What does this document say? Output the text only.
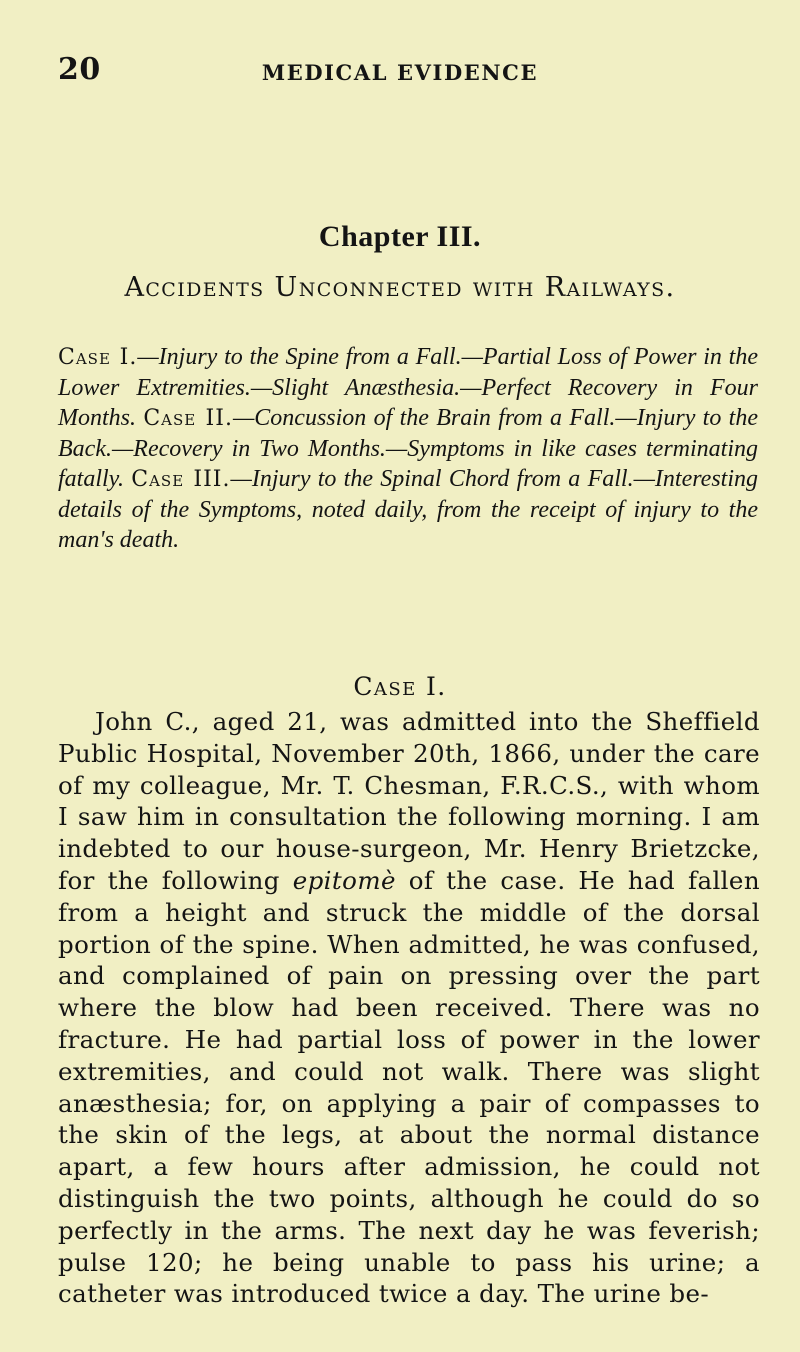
20	MEDICAL EVIDENCE
Chapter III.
Accidents Unconnected with Railways.
Case I.—Injury to the Spine from a Fall.—Partial Loss of Power in the Lower Extremities.—Slight Anæsthesia.—Perfect Recovery in Four Months. Case II.—Concussion of the Brain from a Fall.—Injury to the Back.—Recovery in Two Months.—Symptoms in like cases terminating fatally. Case III.—Injury to the Spinal Chord from a Fall.—Interesting details of the Symptoms, noted daily, from the receipt of injury to the man's death.
Case I.

John C., aged 21, was admitted into the Sheffield Public Hospital, November 20th, 1866, under the care of my colleague, Mr. T. Chesman, F.R.C.S., with whom I saw him in consultation the following morning. I am indebted to our house-surgeon, Mr. Henry Brietzcke, for the following epitomè of the case. He had fallen from a height and struck the middle of the dorsal portion of the spine. When admitted, he was confused, and complained of pain on pressing over the part where the blow had been received. There was no fracture. He had partial loss of power in the lower extremities, and could not walk. There was slight anæsthesia; for, on applying a pair of compasses to the skin of the legs, at about the normal distance apart, a few hours after admission, he could not distinguish the two points, although he could do so perfectly in the arms. The next day he was feverish; pulse 120; he being unable to pass his urine; a catheter was introduced twice a day. The urine be-
